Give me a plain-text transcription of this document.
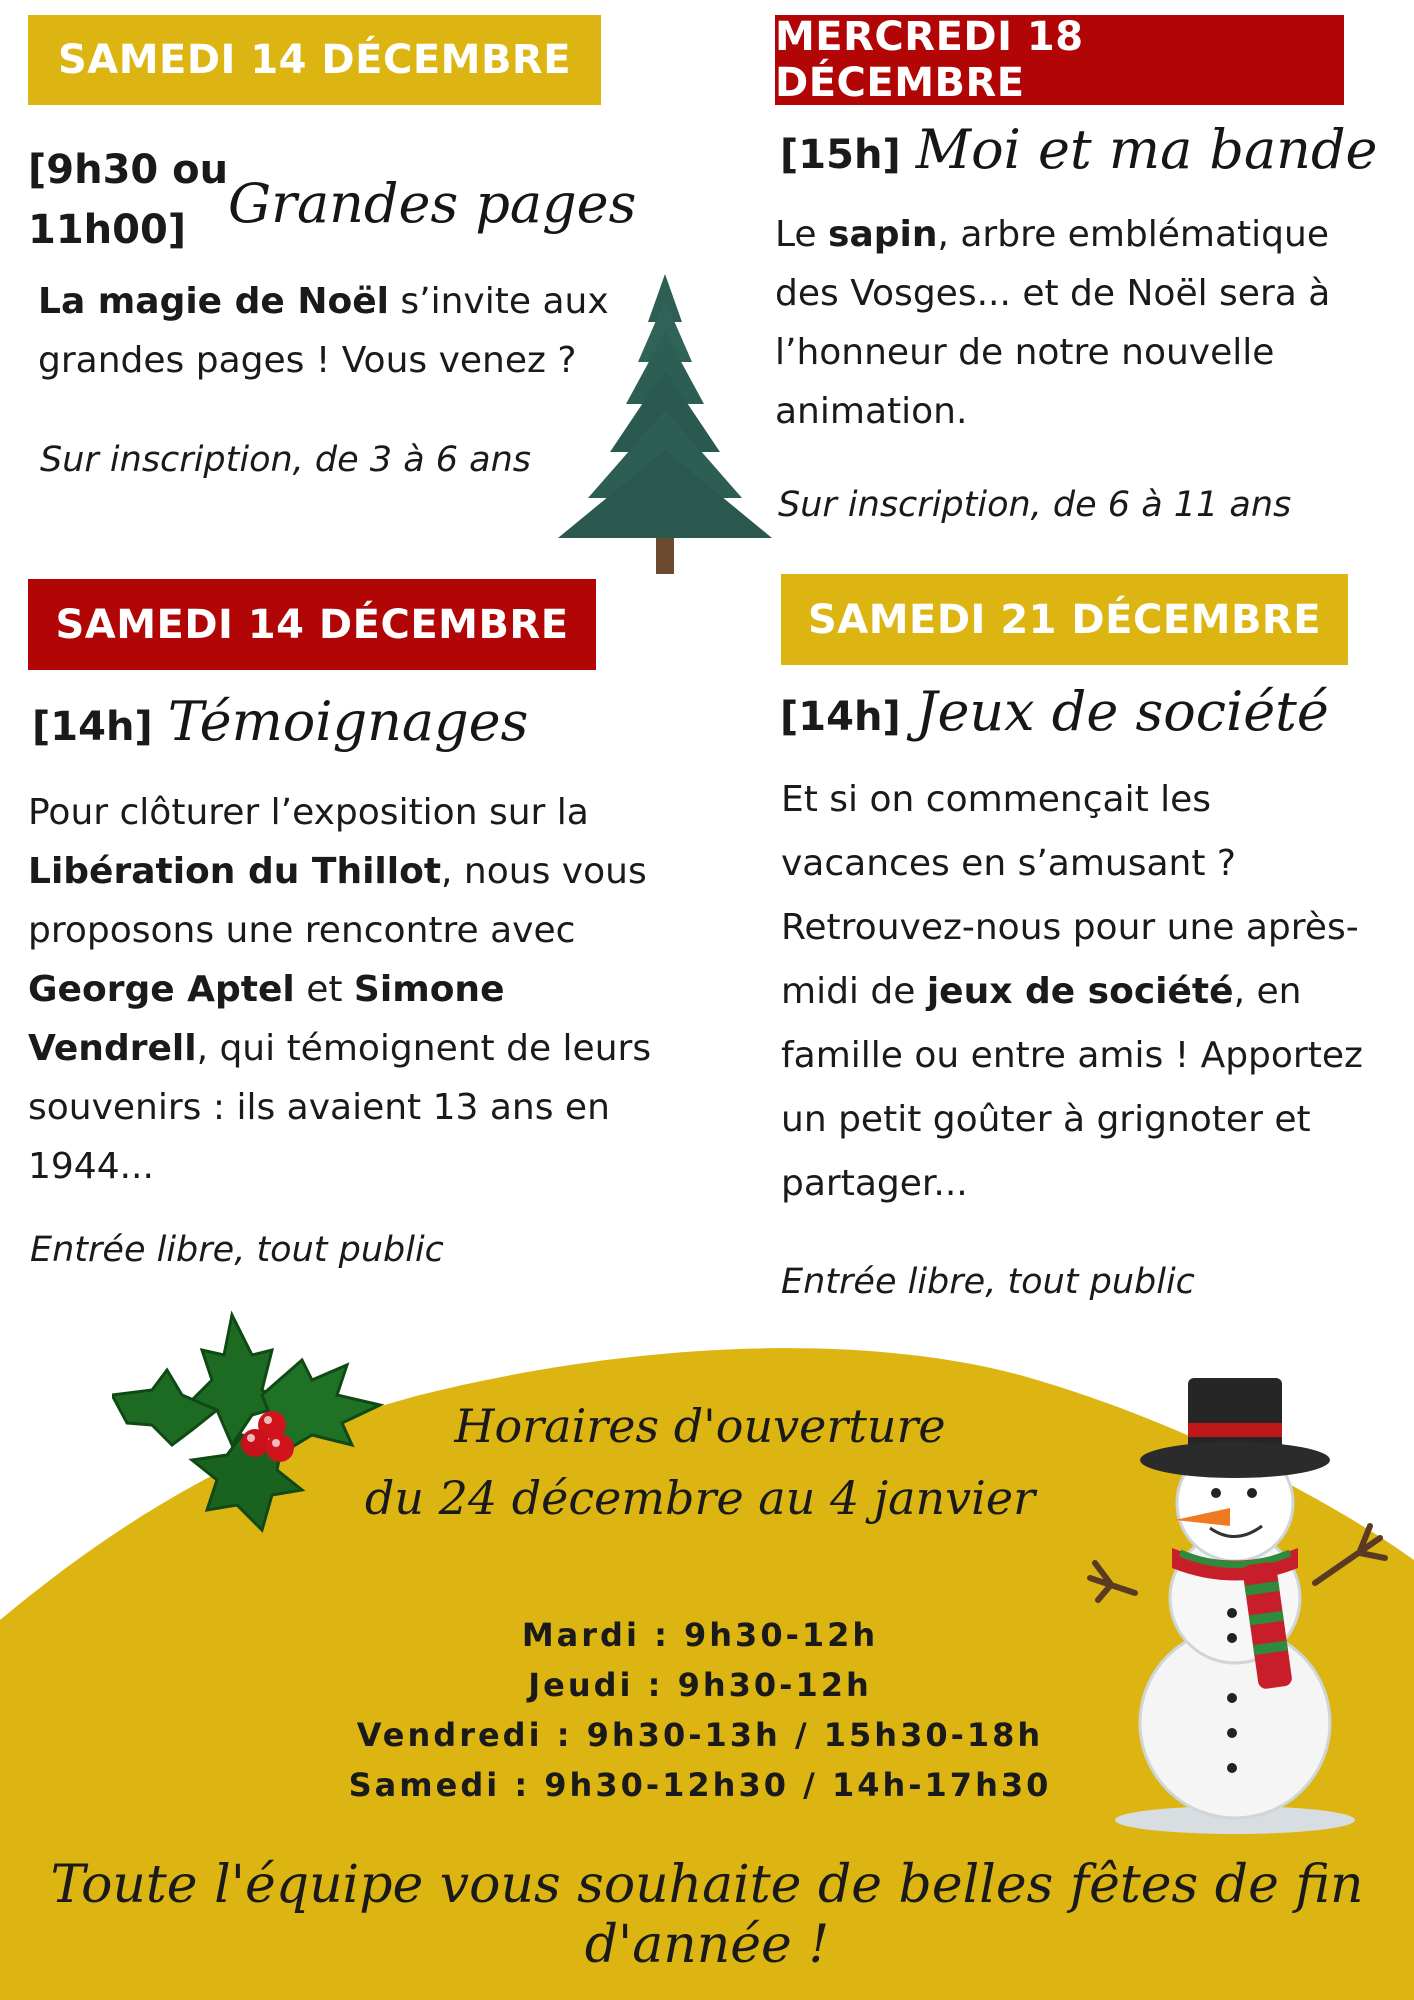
SAMEDI 14 DÉCEMBRE
[9h30 ou
11h00] Grandes pages
La magie de Noël s’invite aux
grandes pages ! Vous venez ?
Sur inscription, de 3 à 6 ans
MERCREDI 18 DÉCEMBRE
[15h] Moi et ma bande
Le sapin, arbre emblématique
des Vosges... et de Noël sera à
l’honneur de notre nouvelle
animation.
Sur inscription, de 6 à 11 ans
SAMEDI 14 DÉCEMBRE
[14h] Témoignages
Pour clôturer l’exposition sur la
Libération du Thillot, nous vous
proposons une rencontre avec
George Aptel et Simone
Vendrell, qui témoignent de leurs
souvenirs : ils avaient 13 ans en
1944...
Entrée libre, tout public
SAMEDI 21 DÉCEMBRE
[14h] Jeux de société
Et si on commençait les
vacances en s’amusant ?
Retrouvez-nous pour une après-
midi de jeux de société, en
famille ou entre amis ! Apportez
un petit goûter à grignoter et
partager...
Entrée libre, tout public
Horaires d'ouverture
du 24 décembre au 4 janvier
Mardi : 9h30-12h
Jeudi : 9h30-12h
Vendredi : 9h30-13h / 15h30-18h
Samedi : 9h30-12h30 / 14h-17h30
Toute l'équipe vous souhaite de belles fêtes de fin d'année !
